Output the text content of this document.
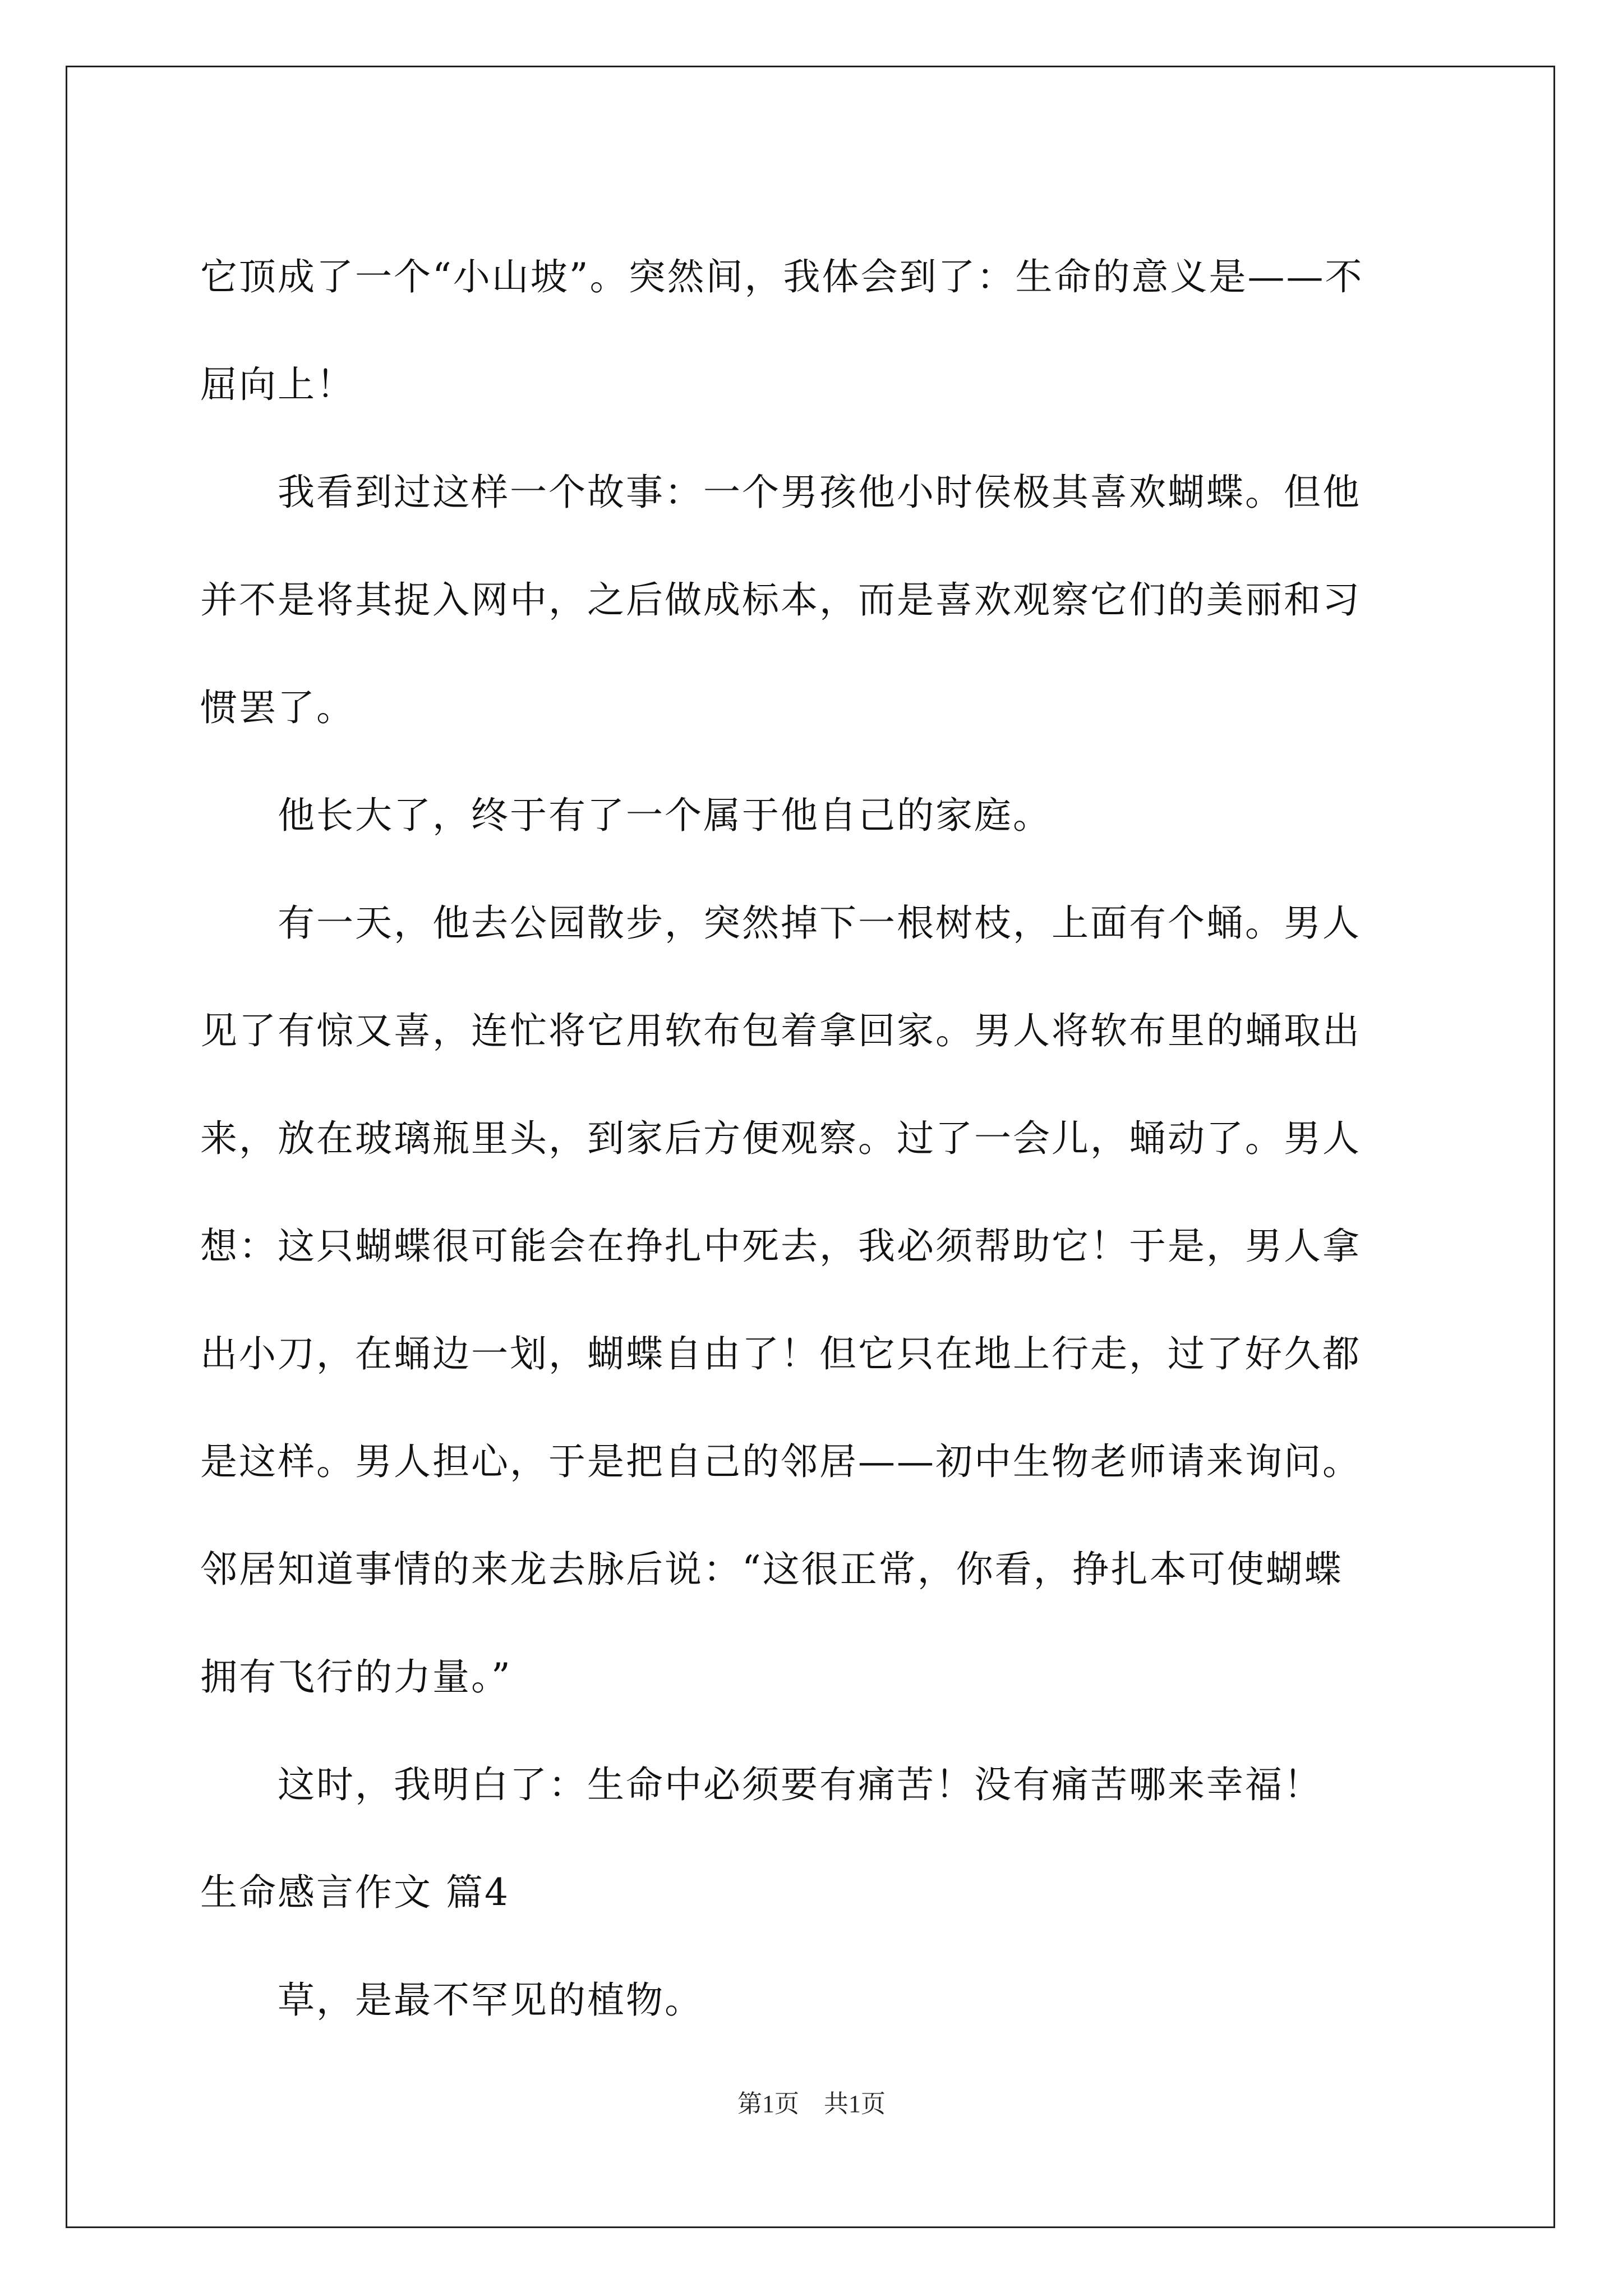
它顶成了一个“小山坡”。突然间，我体会到了：生命的意义是——不
屈向上！
　　我看到过这样一个故事：一个男孩他小时侯极其喜欢蝴蝶。但他
并不是将其捉入网中，之后做成标本，而是喜欢观察它们的美丽和习
惯罢了。
　　他长大了，终于有了一个属于他自己的家庭。
　　有一天，他去公园散步，突然掉下一根树枝，上面有个蛹。男人
见了有惊又喜，连忙将它用软布包着拿回家。男人将软布里的蛹取出
来，放在玻璃瓶里头，到家后方便观察。过了一会儿，蛹动了。男人
想：这只蝴蝶很可能会在挣扎中死去，我必须帮助它！于是，男人拿
出小刀，在蛹边一划，蝴蝶自由了！但它只在地上行走，过了好久都
是这样。男人担心，于是把自己的邻居——初中生物老师请来询问。
邻居知道事情的来龙去脉后说：“这很正常，你看，挣扎本可使蝴蝶
拥有飞行的力量。”
　　这时，我明白了：生命中必须要有痛苦！没有痛苦哪来幸福！
生命感言作文 篇4
　　草，是最不罕见的植物。
第1页　共1页
